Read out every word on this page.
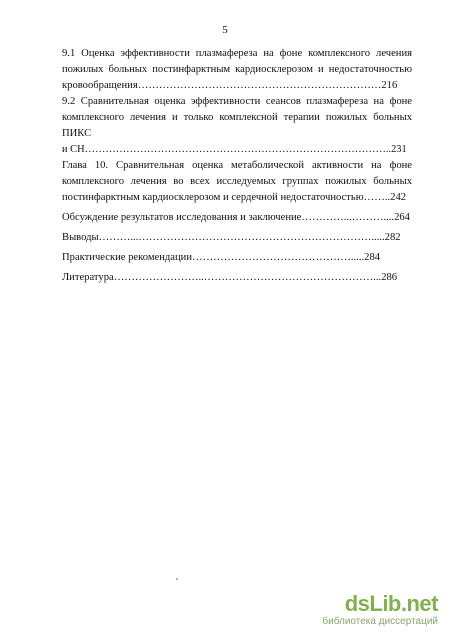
5
9.1 Оценка эффективности плазмафереза на фоне комплексного лечения
пожилых больных постинфарктным кардиосклерозом и недостаточностью
кровообращения……………………………………………………………216
9.2 Сравнительная оценка эффективности сеансов плазмафереза на фоне
комплексного лечения и только комплексной терапии пожилых больных ПИКС
и СН……………………………………………………………………………..231
Глава 10. Сравнительная оценка метаболической активности на фоне
комплексного лечения во всех исследуемых группах пожилых больных
постинфарктным кардиосклерозом и сердечной недостаточностью……..242
Обсуждение результатов исследования и заключение…………...………....264
Выводы………...………………………………………………………….....282
Практические рекомендации……………………………………….....284
Литература……………………..…………………………………………...286
dsLib.net
библиотека диссертаций
